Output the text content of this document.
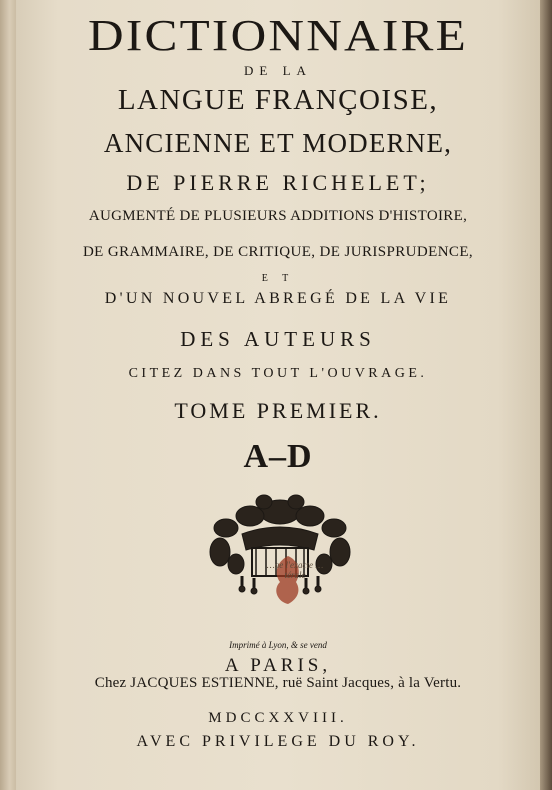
DICTIONNAIRE
DE LA
LANGUE FRANÇOISE,
ANCIENNE ET MODERNE,
DE PIERRE RICHELET;
AUGMENTÉ DE PLUSIEURS ADDITIONS D'HISTOIRE,
DE GRAMMAIRE, DE CRITIQUE, DE JURISPRUDENCE,
E T
D'UN NOUVEL ABREGÉ DE LA VIE
DES AUTEURS
CITEZ DANS TOUT L'OUVRAGE.
TOME PREMIER.
A–D
…ae l'exacte …térale
Imprimé à Lyon, & se vend
A PARIS,
Chez JACQUES ESTIENNE, ruë Saint Jacques, à la Vertu.
MDCCXXVIII.
AVEC PRIVILEGE DU ROY.
